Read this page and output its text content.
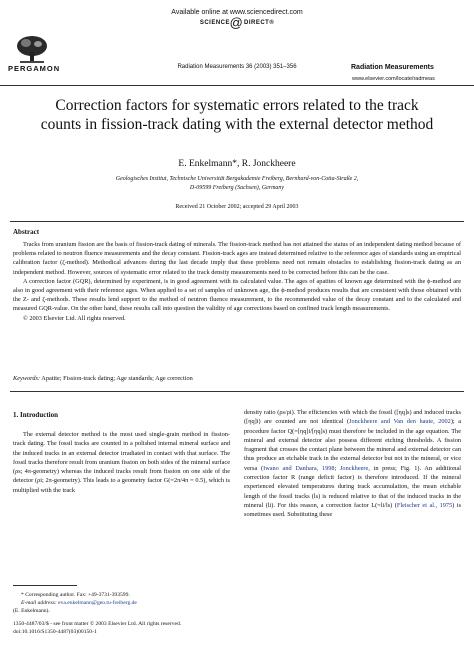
Available online at www.sciencedirect.com
SCIENCE @ DIRECT®
PERGAMON	Radiation Measurements 36 (2003) 351–356	Radiation Measurements
www.elsevier.com/locate/radmeas
Correction factors for systematic errors related to the track counts in fission-track dating with the external detector method
E. Enkelmann*, R. Jonckheere
Geologisches Institut, Technische Universität Bergakademie Freiberg, Bernhard-von-Cotta-Straße 2,
D-09599 Freiberg (Sachsen), Germany
Received 21 October 2002; accepted 29 April 2003
Abstract

Tracks from uranium fission are the basis of fission-track dating of minerals. The fission-track method has not attained the status of an independent dating method because of problems related to neutron fluence measurements and the decay constant. Fission-track ages are instead determined relative to the reference ages of standards using an empirical calibration factor (ζ-method). Methodical advances during the last decade imply that these problems need not remain obstacles to establishing fission-track dating as an independent method. However, sources of systematic error related to the track density measurements need to be corrected before this can be the case.

A correction factor (GQR), determined by experiment, is in good agreement with its calculated value. The ages of apatites of known age determined with the ϕ-method are also in good agreement with their reference ages. When applied to a set of samples of unknown age, the ϕ-method produces results that are consistent with those obtained with the Z- and ζ-methods. These results lend support to the method of neutron fluence measurement, to the recommended value of the decay constant and to the calculated and measured GQR-value. On the other hand, these results call into question the validity of age corrections based on confined track length measurements.

© 2003 Elsevier Ltd. All rights reserved.

Keywords: Apatite; Fission-track dating; Age standards; Age correction
1. Introduction

The external detector method is the most used single-grain method in fission-track dating. The fossil tracks are counted in a polished internal mineral surface and the induced tracks in an external detector irradiated in contact with that surface. The fossil tracks therefore result from uranium fission on both sides of the mineral surface (ρs; 4π-geometry) whereas the induced tracks result from fission on one side of the detector (ρi; 2π-geometry). This leads to a geometry factor G(=2π/4π = 0.5), which is multiplied with the track

density ratio (ρs/ρi). The efficiencies with which the fossil ([ηq]s) and induced tracks ([ηq]i) are counted are not identical (Jonckheere and Van den haute, 2002); a procedure factor Q(=[ηq]i/[ηq]s) must therefore be included in the age equation. The mineral and external detector also possess different etching thresholds. A fission fragment that crosses the contact plane between the mineral and external detector can thus produce an etchable track in the external detector but not in the mineral, or vice versa (Iwano and Danhara, 1998; Jonckheere, in press; Fig. 1). An additional correction factor R (range deficit factor) is therefore introduced. If the mineral experienced elevated temperatures during track accumulation, the mean etchable length of the fossil tracks (ls) is reduced relative to that of the induced tracks in the mineral (li). For this reason, a correction factor L(=li/ls) (Fleischer et al., 1975) is sometimes used. Substituting these

* Corresponding author. Fax: +49-3731-393599.
E-mail address: eva.enkelmann@geo.tu-freiberg.de
(E. Enkelmann).
1350-4487/03/$ - see front matter © 2003 Elsevier Ltd. All rights reserved.
doi:10.1016/S1350-4487(03)00150-1
